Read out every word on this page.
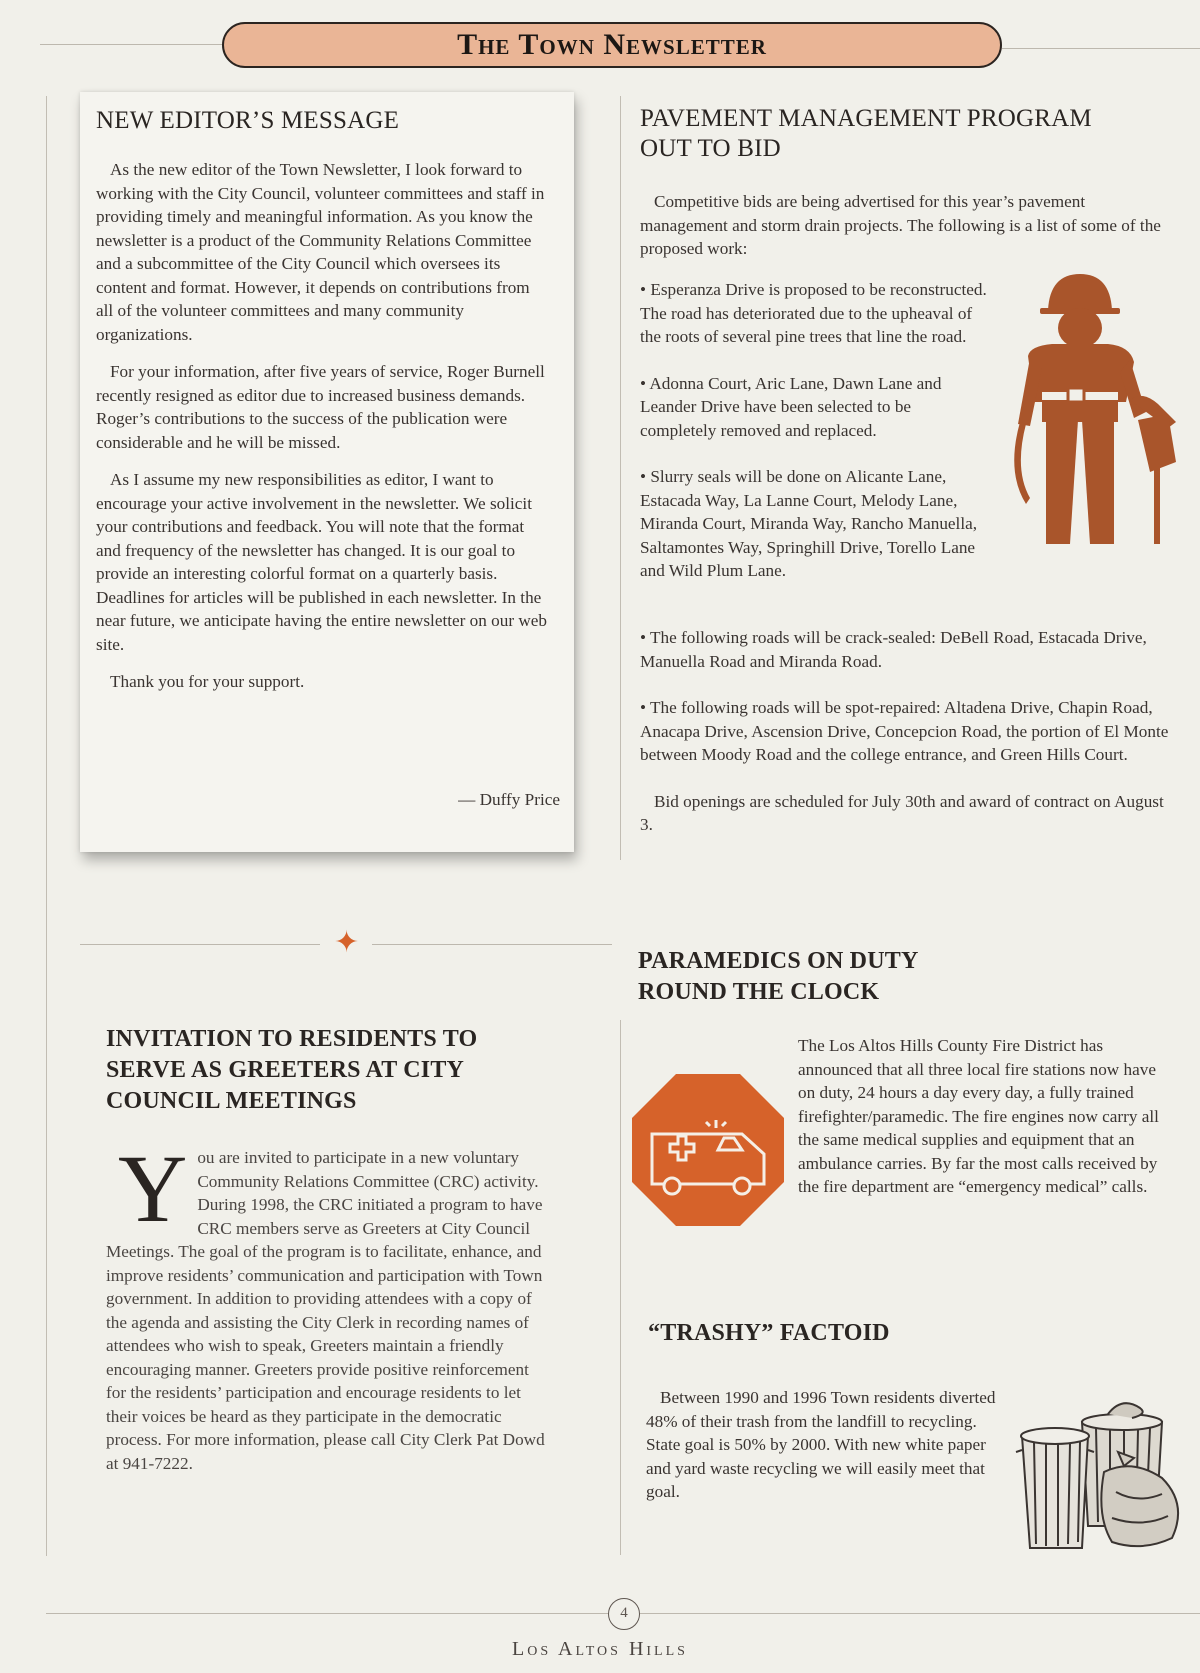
The Town Newsletter
NEW EDITOR’S MESSAGE

As the new editor of the Town Newsletter, I look forward to working with the City Council, volunteer committees and staff in providing timely and meaningful information. As you know the newsletter is a product of the Community Relations Committee and a subcommittee of the City Council which oversees its content and format. However, it depends on contributions from all of the volunteer committees and many community organizations.

For your information, after five years of service, Roger Burnell recently resigned as editor due to increased business demands. Roger’s contributions to the success of the publication were considerable and he will be missed.

As I assume my new responsibilities as editor, I want to encourage your active involvement in the newsletter. We solicit your contributions and feedback. You will note that the format and frequency of the newsletter has changed. It is our goal to provide an interesting colorful format on a quarterly basis. Deadlines for articles will be published in each newsletter. In the near future, we anticipate having the entire newsletter on our web site.

Thank you for your support.

— Duffy Price
PAVEMENT MANAGEMENT PROGRAM
OUT TO BID

Competitive bids are being advertised for this year’s pavement management and storm drain projects. The following is a list of some of the proposed work:

• Esperanza Drive is proposed to be reconstructed. The road has deteriorated due to the upheaval of the roots of several pine trees that line the road.

• Adonna Court, Aric Lane, Dawn Lane and Leander Drive have been selected to be completely removed and replaced.

• Slurry seals will be done on Alicante Lane, Estacada Way, La Lanne Court, Melody Lane, Miranda Court, Miranda Way, Rancho Manuella, Saltamontes Way, Springhill Drive, Torello Lane and Wild Plum Lane.

• The following roads will be crack-sealed: DeBell Road, Estacada Drive, Manuella Road and Miranda Road.

• The following roads will be spot-repaired: Altadena Drive, Chapin Road, Anacapa Drive, Ascension Drive, Concepcion Road, the portion of El Monte between Moody Road and the college entrance, and Green Hills Court.

Bid openings are scheduled for July 30th and award of contract on August 3.

✦
INVITATION TO RESIDENTS TO
SERVE AS GREETERS AT CITY
COUNCIL MEETINGS
Y ou are invited to participate in a new voluntary Community Relations Committee (CRC) activity. During 1998, the CRC initiated a program to have CRC members serve as Greeters at City Council Meetings. The goal of the program is to facilitate, enhance, and improve residents’ communication and participation with Town government. In addition to providing attendees with a copy of the agenda and assisting the City Clerk in recording names of attendees who wish to speak, Greeters maintain a friendly encouraging manner. Greeters provide positive reinforcement for the residents’ participation and encourage residents to let their voices be heard as they participate in the democratic process. For more information, please call City Clerk Pat Dowd at 941-7222.
PARAMEDICS ON DUTY
ROUND THE CLOCK
The Los Altos Hills County Fire District has announced that all three local fire stations now have on duty, 24 hours a day every day, a fully trained firefighter/paramedic. The fire engines now carry all the same medical supplies and equipment that an ambulance carries. By far the most calls received by the fire department are “emergency medical” calls.
“TRASHY” FACTOID

Between 1990 and 1996 Town residents diverted 48% of their trash from the landfill to recycling. State goal is 50% by 2000. With new white paper and yard waste recycling we will easily meet that goal.

4
Los Altos Hills
